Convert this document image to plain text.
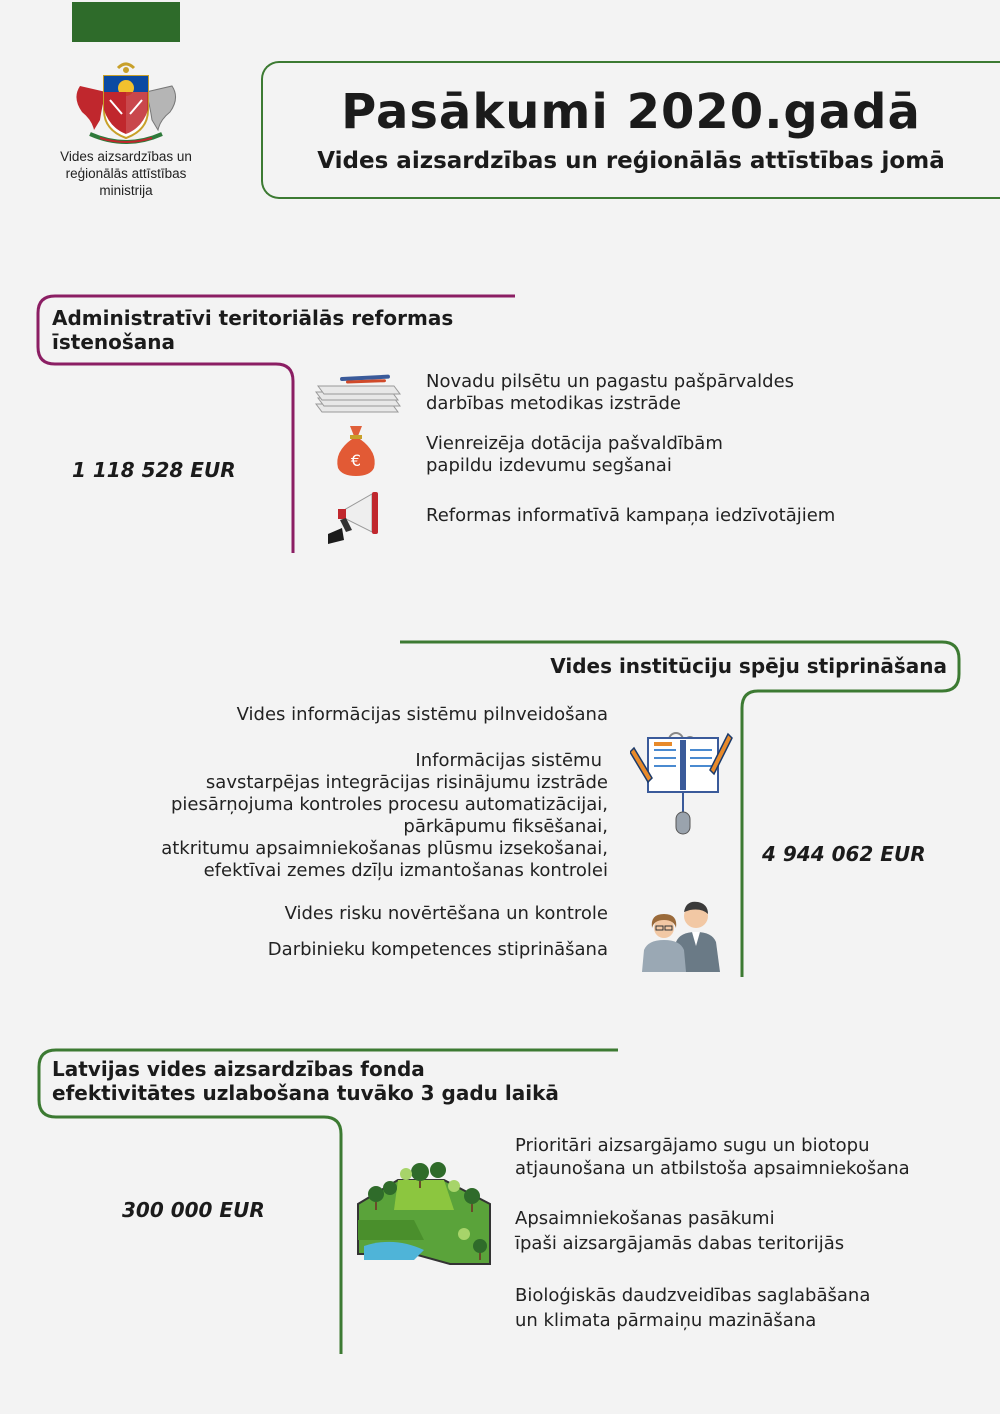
Vides aizsardzības un
reģionālās attīstības
ministrija
Pasākumi 2020.gadā
Vides aizsardzības un reģionālās attīstības jomā
Administratīvi teritoriālās reformas
īstenošana
1 118 528 EUR
Novadu pilsētu un pagastu pašpārvaldes
darbības metodikas izstrāde
€
Vienreizēja dotācija pašvaldībām
papildu izdevumu segšanai
Reformas informatīvā kampaņa iedzīvotājiem
Vides institūciju spēju stiprināšana
Vides informācijas sistēmu pilnveidošana
Informācijas sistēmu
savstarpējas integrācijas risinājumu izstrāde
piesārņojuma kontroles procesu automatizācijai,
pārkāpumu fiksēšanai,
atkritumu apsaimniekošanas plūsmu izsekošanai,
efektīvai zemes dzīļu izmantošanas kontrolei
Vides risku novērtēšana un kontrole
Darbinieku kompetences stiprināšana
4 944 062 EUR
Latvijas vides aizsardzības fonda
efektivitātes uzlabošana tuvāko 3 gadu laikā
300 000 EUR
Prioritāri aizsargājamo sugu un biotopu
atjaunošana un atbilstoša apsaimniekošana
Apsaimniekošanas pasākumi
īpaši aizsargājamās dabas teritorijās
Bioloģiskās daudzveidības saglabāšana
un klimata pārmaiņu mazināšana
